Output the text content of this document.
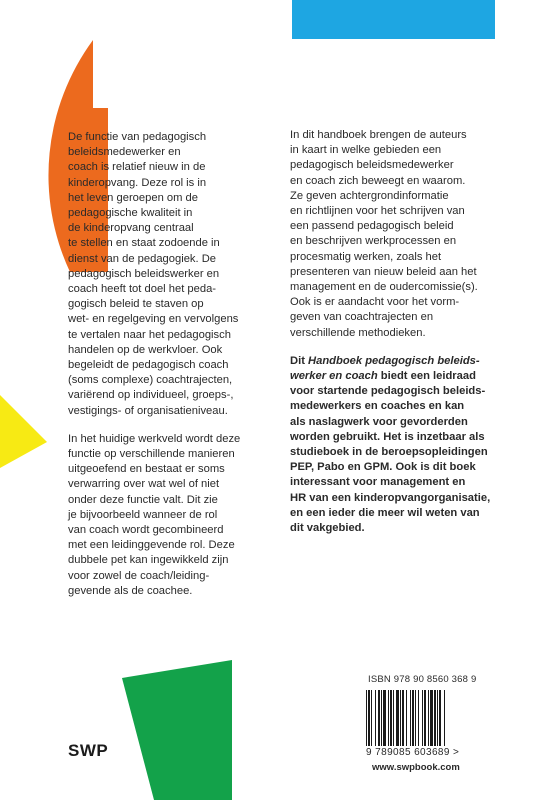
De functie van pedagogisch
beleidsmedewerker en
coach is relatief nieuw in de
kinderopvang. Deze rol is in
het leven geroepen om de
pedagogische kwaliteit in
de kinderopvang centraal
te stellen en staat zodoende in
dienst van de pedagogiek. De
pedagogisch beleidswerker en
coach heeft tot doel het peda-
gogisch beleid te staven op
wet- en regelgeving en vervolgens
te vertalen naar het pedagogisch
handelen op de werkvloer. Ook
begeleidt de pedagogisch coach
(soms complexe) coachtrajecten,
variërend op individueel, groeps-,
vestigings- of organisatieniveau.

In het huidige werkveld wordt deze
functie op verschillende manieren
uitgeoefend en bestaat er soms
verwarring over wat wel of niet
onder deze functie valt. Dit zie
je bijvoorbeeld wanneer de rol
van coach wordt gecombineerd
met een leidinggevende rol. Deze
dubbele pet kan ingewikkeld zijn
voor zowel de coach/leiding-
gevende als de coachee.

In dit handboek brengen de auteurs
in kaart in welke gebieden een
pedagogisch beleidsmedewerker
en coach zich beweegt en waarom.
Ze geven achtergrondinformatie
en richtlijnen voor het schrijven van
een passend pedagogisch beleid
en beschrijven werkprocessen en
procesmatig werken, zoals het
presenteren van nieuw beleid aan het
management en de oudercomissie(s).
Ook is er aandacht voor het vorm-
geven van coachtrajecten en
verschillende methodieken.

Dit Handboek pedagogisch beleids-
werker en coach biedt een leidraad
voor startende pedagogisch beleids-
medewerkers en coaches en kan
als naslagwerk voor gevorderden
worden gebruikt. Het is inzetbaar als
studieboek in de beroepsopleidingen
PEP, Pabo en GPM. Ook is dit boek
interessant voor management en
HR van een kinderopvangorganisatie,
en een ieder die meer wil weten van
dit vakgebied.

ISBN 978 90 8560 368 9
9 789085 603689 >
www.swpbook.com
SWP
